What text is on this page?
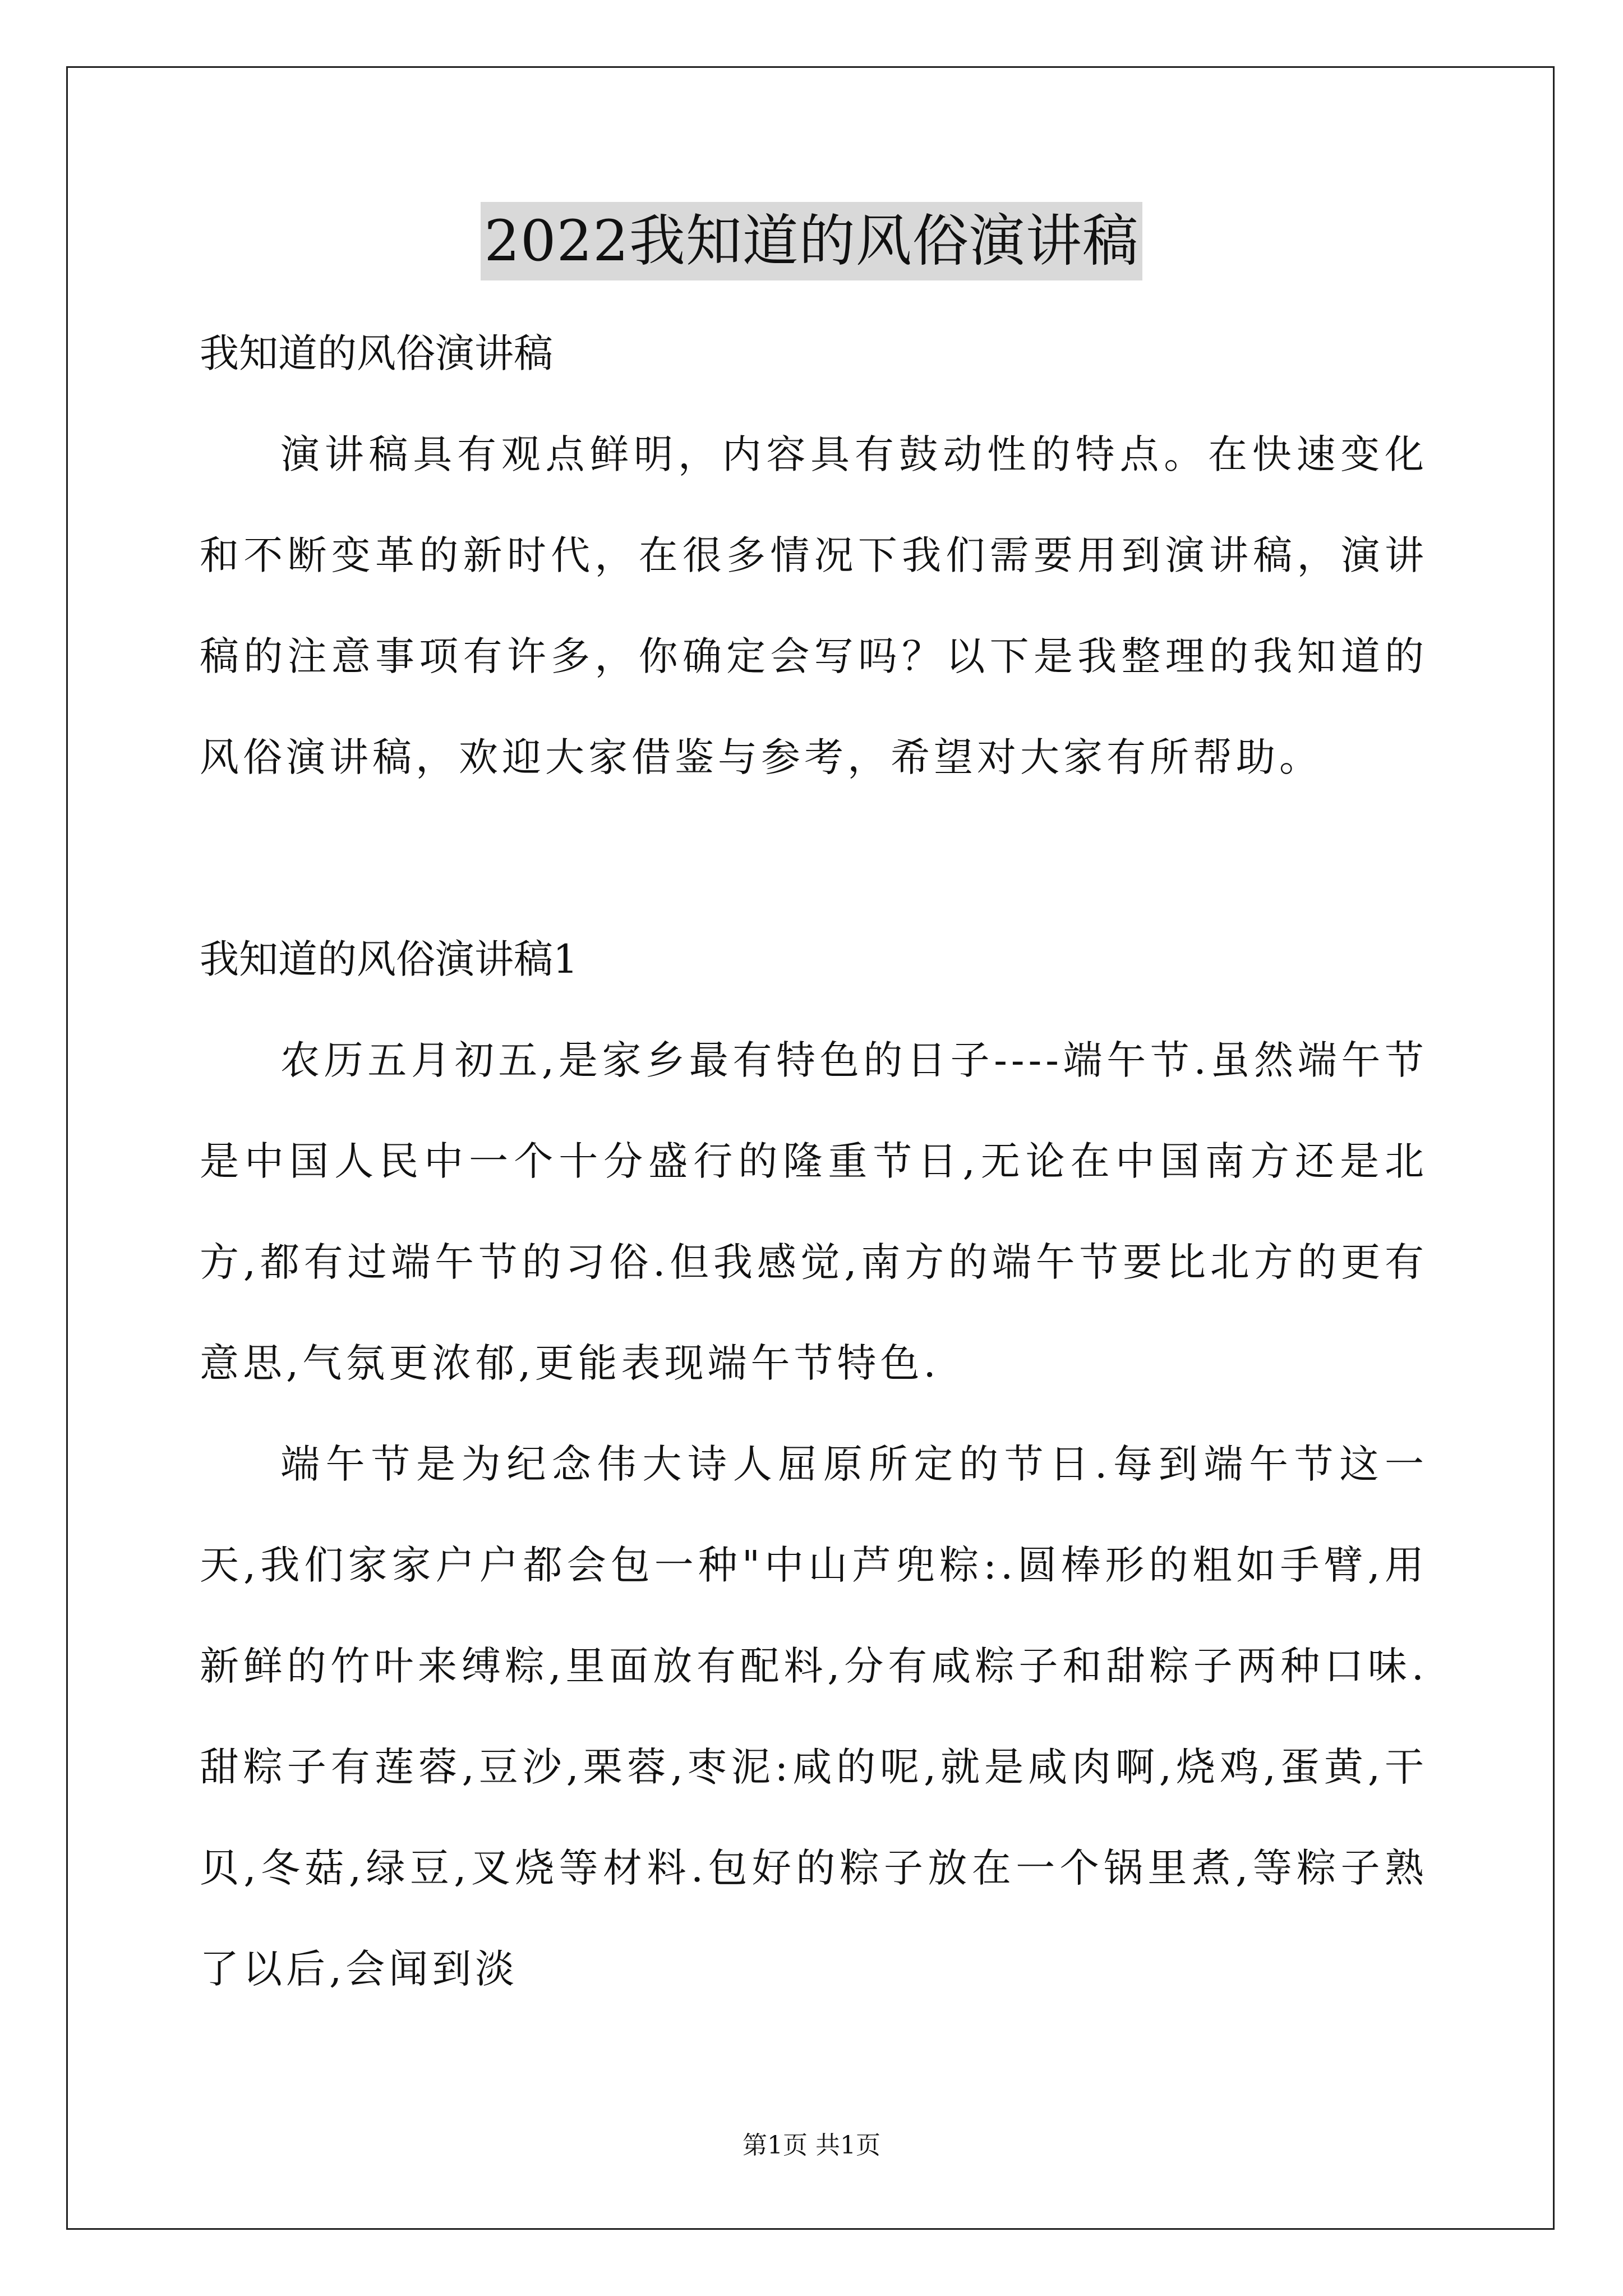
2022我知道的风俗演讲稿

我知道的风俗演讲稿

演讲稿具有观点鲜明，内容具有鼓动性的特点。在快速变化和不断变革的新时代，在很多情况下我们需要用到演讲稿，演讲稿的注意事项有许多，你确定会写吗？以下是我整理的我知道的风俗演讲稿，欢迎大家借鉴与参考，希望对大家有所帮助。

我知道的风俗演讲稿1

农历五月初五,是家乡最有特色的日子----端午节.虽然端午节是中国人民中一个十分盛行的隆重节日,无论在中国南方还是北方,都有过端午节的习俗.但我感觉,南方的端午节要比北方的更有意思,气氛更浓郁,更能表现端午节特色.

端午节是为纪念伟大诗人屈原所定的节日.每到端午节这一天,我们家家户户都会包一种"中山芦兜粽:.圆棒形的粗如手臂,用新鲜的竹叶来缚粽,里面放有配料,分有咸粽子和甜粽子两种口味.甜粽子有莲蓉,豆沙,栗蓉,枣泥:咸的呢,就是咸肉啊,烧鸡,蛋黄,干贝,冬菇,绿豆,叉烧等材料.包好的粽子放在一个锅里煮,等粽子熟了以后,会闻到淡

第1页 共1页
